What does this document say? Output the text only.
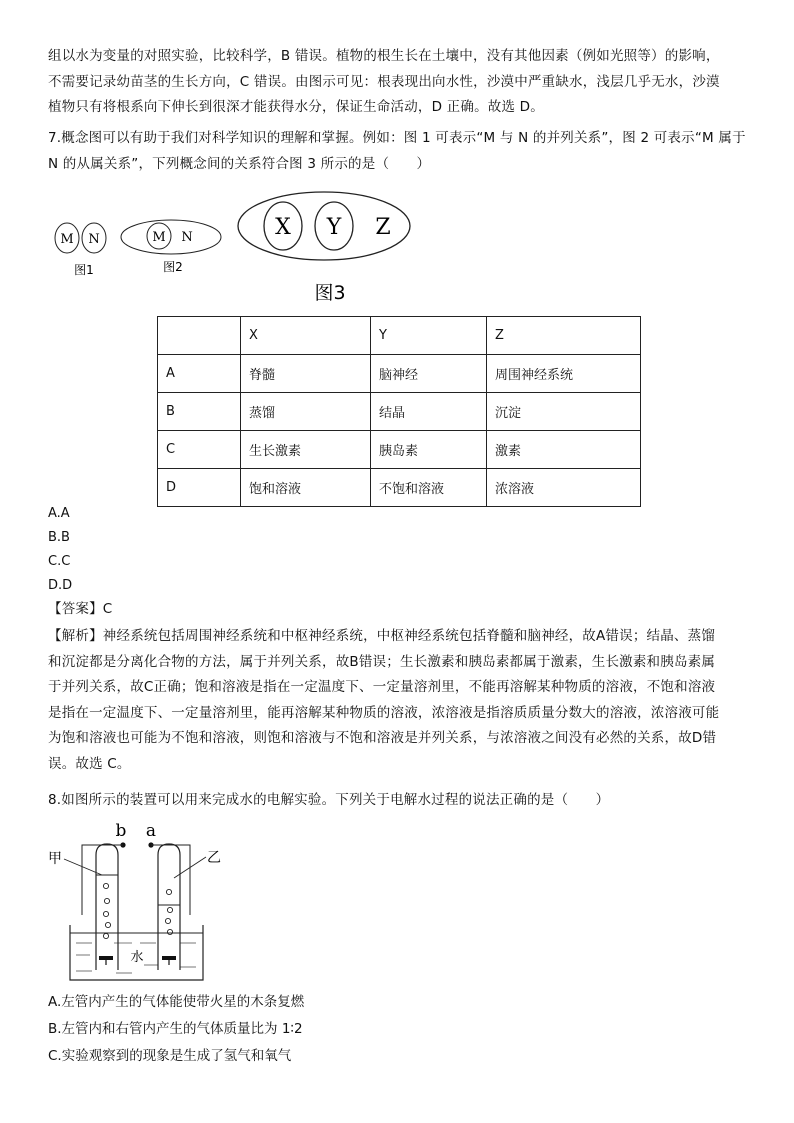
组以水为变量的对照实验，比较科学，B 错误。植物的根生长在土壤中，没有其他因素（例如光照等）的影响，
不需要记录幼苗茎的生长方向，C 错误。由图示可见：根表现出向水性，沙漠中严重缺水，浅层几乎无水，沙漠
植物只有将根系向下伸长到很深才能获得水分，保证生命活动，D 正确。故选 D。
7.概念图可以有助于我们对科学知识的理解和掌握。例如：图 1 可表示“M 与 N 的并列关系”，图 2 可表示“M 属于
N 的从属关系”，下列概念间的关系符合图 3 所示的是（　　）
M N
图1
M N
图2
X Y Z
图3
	X	Y	Z
A	脊髓	脑神经	周围神经系统
B	蒸馏	结晶	沉淀
C	生长激素	胰岛素	激素
D	饱和溶液	不饱和溶液	浓溶液
A.A
B.B
C.C
D.D
【答案】C
【解析】神经系统包括周围神经系统和中枢神经系统，中枢神经系统包括脊髓和脑神经，故A错误；结晶、蒸馏
和沉淀都是分离化合物的方法，属于并列关系，故B错误；生长激素和胰岛素都属于激素，生长激素和胰岛素属
于并列关系，故C正确；饱和溶液是指在一定温度下、一定量溶剂里，不能再溶解某种物质的溶液，不饱和溶液
是指在一定温度下、一定量溶剂里，能再溶解某种物质的溶液，浓溶液是指溶质质量分数大的溶液，浓溶液可能
为饱和溶液也可能为不饱和溶液，则饱和溶液与不饱和溶液是并列关系，与浓溶液之间没有必然的关系，故D错
误。故选 C。
8.如图所示的装置可以用来完成水的电解实验。下列关于电解水过程的说法正确的是（　　）
b a
甲	乙
水
A.左管内产生的气体能使带火星的木条复燃
B.左管内和右管内产生的气体质量比为 1∶2
C.实验观察到的现象是生成了氢气和氧气
